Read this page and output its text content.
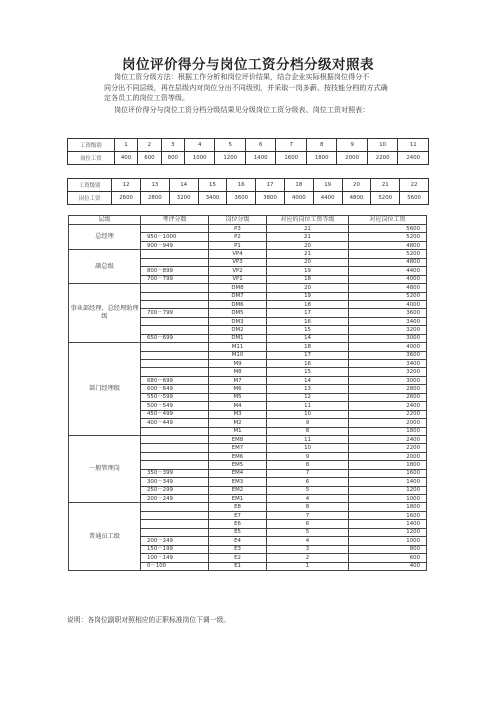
岗位评价得分与岗位工资分档分级对照表
岗位工资分级方法：根据工作分析和岗位评价结果，结合企业实际根据岗位得分不
同分出不同层级，再在层级内对岗位分出不同级别，并采取一岗多薪、按技能分档的方式确
定各员工的岗位工资等级。
岗位评价得分与岗位工资分档分级结果见分级岗位工资分级表、岗位工资对照表：
工资级别	1	2	3	4	5	6	7	8	9	10	11
岗位工资	400	600	800	1000	1200	1400	1600	1800	2000	2200	2400
工资级别	12	13	14	15	16	17	18	19	20	21	22
岗位工资	2600	2800	3200	3400	3600	3800	4000	4400	4800	5200	5600
层级	考评分数	岗位分级	对应的岗位工资等级	对应岗位工资
总经理		P3	22	5600
	950－1000	P2	21	5200
	900－949	P1	20	4800
副总级		VP4	21	5200
		VP3	20	4800
	800－899	VP2	19	4400
	700－799	VP1	18	4000
事业部经理、总经理助理级		DM8	20	4800
		DM7	19	5200
		DM6	18	4000
	700－799	DM5	17	3600
		DM3	16	3400
		DM2	15	3200
	650－699	DM1	14	3000
部门经理级		M11	18	4000
		M10	17	3600
		M9	16	3400
		M8	15	3200
	680－699	M7	14	3000
	600－649	M6	13	2800
	550－599	M5	12	2600
	500－549	M4	11	2400
	450－499	M3	10	2200
	400－449	M2	9	2000
		M1	8	1800
一般管理岗		EM8	11	2400
		EM7	10	2200
		EM6	9	2000
		EM5	8	1800
	350－399	EM4	7	1600
	300－349	EM3	6	1400
	250－299	EM2	5	1200
	200－249	EM1	4	1000
普通员工级		E8	8	1800
		E7	7	1600
		E6	6	1400
		E5	5	1200
	200－249	E4	4	1000
	150－199	E3	3	800
	100－149	E2	2	600
	0－100	E1	1	400
说明：各岗位副职对照相应的正职标准岗位下调一级。
